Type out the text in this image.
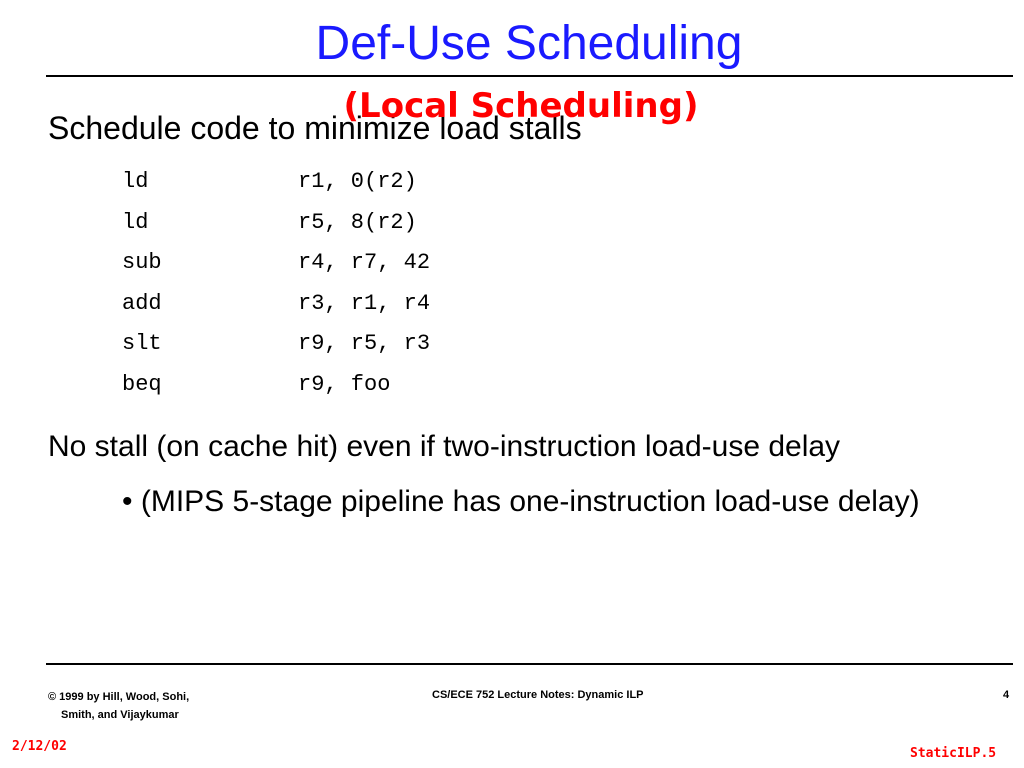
Def-Use Scheduling
Schedule code to minimize load stalls
(Local Scheduling)
ld	r1, 0(r2)
ld	r5, 8(r2)
sub	r4, r7, 42
add	r3, r1, r4
slt	r9, r5, r3
beq	r9, foo
No stall (on cache hit) even if two-instruction load-use delay
• (MIPS 5-stage pipeline has one-instruction load-use delay)
© 1999 by Hill, Wood, Sohi,
Smith, and Vijaykumar
CS/ECE 752 Lecture Notes: Dynamic ILP	4
2/12/02	StaticILP.5
